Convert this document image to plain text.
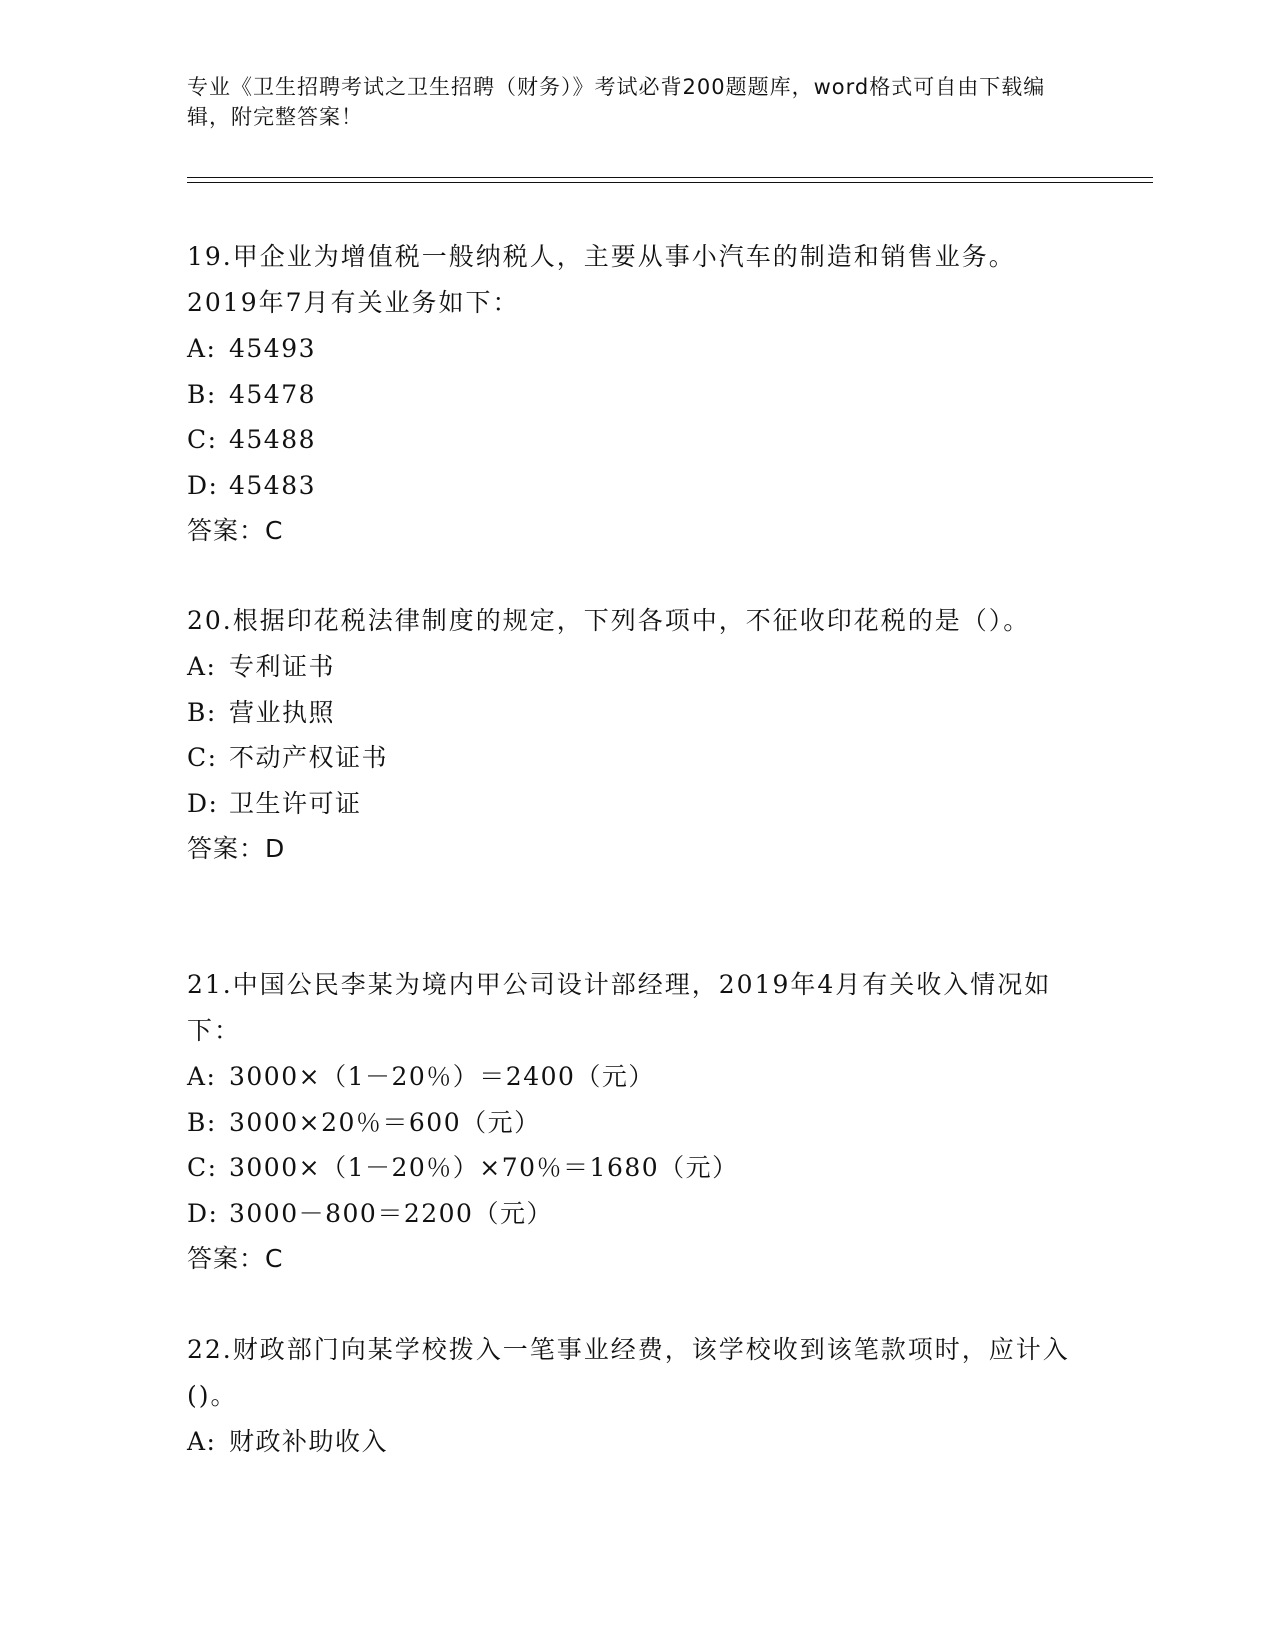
专业《卫生招聘考试之卫生招聘（财务）》考试必背200题题库，word格式可自由下载编辑，附完整答案！

19.甲企业为增值税一般纳税人，主要从事小汽车的制造和销售业务。2019年7月有关业务如下：

A: 45493

B: 45478

C: 45488

D: 45483

答案：C

20.根据印花税法律制度的规定，下列各项中，不征收印花税的是（）。

A: 专利证书

B: 营业执照

C: 不动产权证书

D: 卫生许可证

答案：D

21.中国公民李某为境内甲公司设计部经理，2019年4月有关收入情况如下：

A: 3000×（1－20％）＝2400（元）

B: 3000×20％＝600（元）

C: 3000×（1－20％）×70％＝1680（元）

D: 3000－800＝2200（元）

答案：C

22.财政部门向某学校拨入一笔事业经费，该学校收到该笔款项时，应计入()。

A: 财政补助收入
